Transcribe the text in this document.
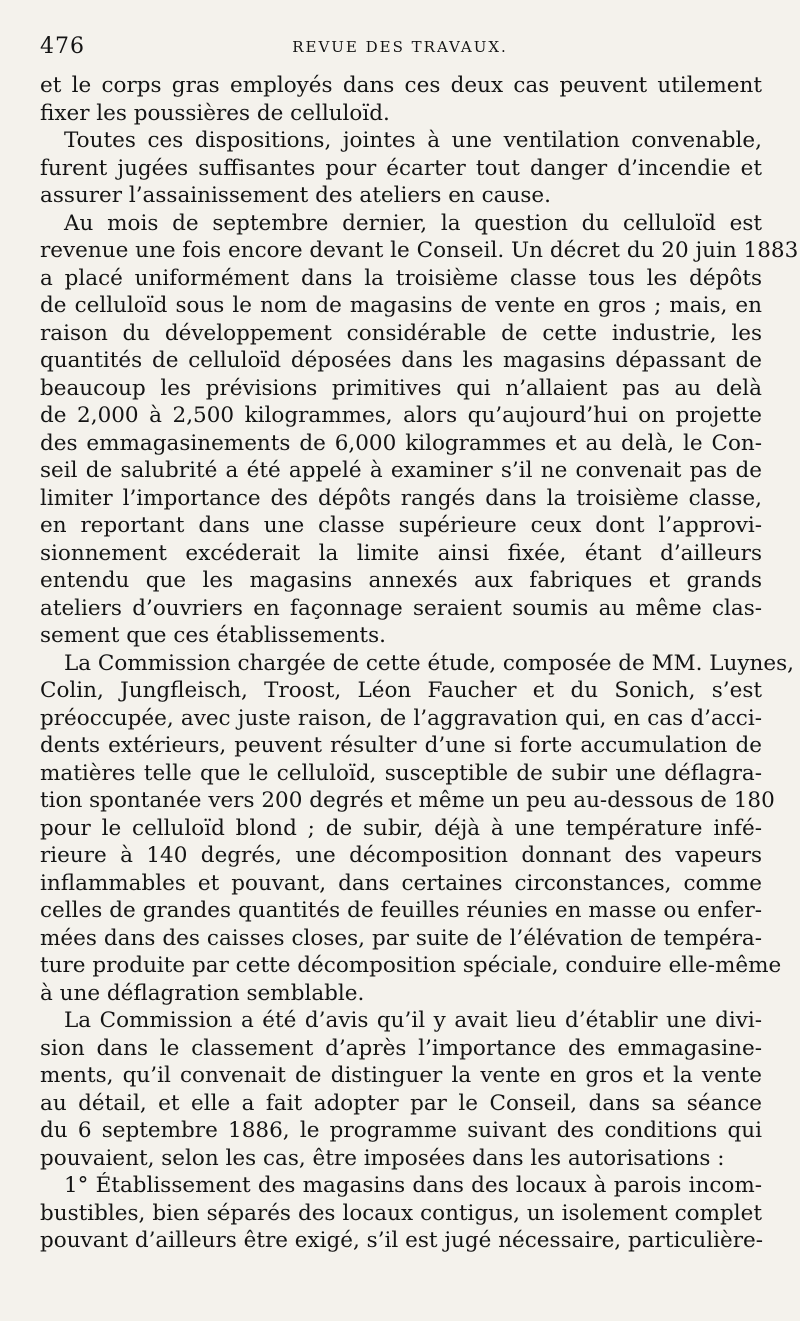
476	REVUE DES TRAVAUX.
et le corps gras employés dans ces deux cas peuvent utilement
fixer les poussières de celluloïd.
Toutes ces dispositions, jointes à une ventilation convenable,
furent jugées suffisantes pour écarter tout danger d’incendie et
assurer l’assainissement des ateliers en cause.
Au mois de septembre dernier, la question du celluloïd est
revenue une fois encore devant le Conseil. Un décret du 20 juin 1883
a placé uniformément dans la troisième classe tous les dépôts
de celluloïd sous le nom de magasins de vente en gros ; mais, en
raison du développement considérable de cette industrie, les
quantités de celluloïd déposées dans les magasins dépassant de
beaucoup les prévisions primitives qui n’allaient pas au delà
de 2,000 à 2,500 kilogrammes, alors qu’aujourd’hui on projette
des emmagasinements de 6,000 kilogrammes et au delà, le Con-
seil de salubrité a été appelé à examiner s’il ne convenait pas de
limiter l’importance des dépôts rangés dans la troisième classe,
en reportant dans une classe supérieure ceux dont l’approvi-
sionnement excéderait la limite ainsi fixée, étant d’ailleurs
entendu que les magasins annexés aux fabriques et grands
ateliers d’ouvriers en façonnage seraient soumis au même clas-
sement que ces établissements.
La Commission chargée de cette étude, composée de MM. Luynes,
Colin, Jungfleisch, Troost, Léon Faucher et du Sonich, s’est
préoccupée, avec juste raison, de l’aggravation qui, en cas d’acci-
dents extérieurs, peuvent résulter d’une si forte accumulation de
matières telle que le celluloïd, susceptible de subir une déflagra-
tion spontanée vers 200 degrés et même un peu au-dessous de 180
pour le celluloïd blond ; de subir, déjà à une température infé-
rieure à 140 degrés, une décomposition donnant des vapeurs
inflammables et pouvant, dans certaines circonstances, comme
celles de grandes quantités de feuilles réunies en masse ou enfer-
mées dans des caisses closes, par suite de l’élévation de tempéra-
ture produite par cette décomposition spéciale, conduire elle-même
à une déflagration semblable.
La Commission a été d’avis qu’il y avait lieu d’établir une divi-
sion dans le classement d’après l’importance des emmagasine-
ments, qu’il convenait de distinguer la vente en gros et la vente
au détail, et elle a fait adopter par le Conseil, dans sa séance
du 6 septembre 1886, le programme suivant des conditions qui
pouvaient, selon les cas, être imposées dans les autorisations :
1° Établissement des magasins dans des locaux à parois incom-
bustibles, bien séparés des locaux contigus, un isolement complet
pouvant d’ailleurs être exigé, s’il est jugé nécessaire, particulière-
